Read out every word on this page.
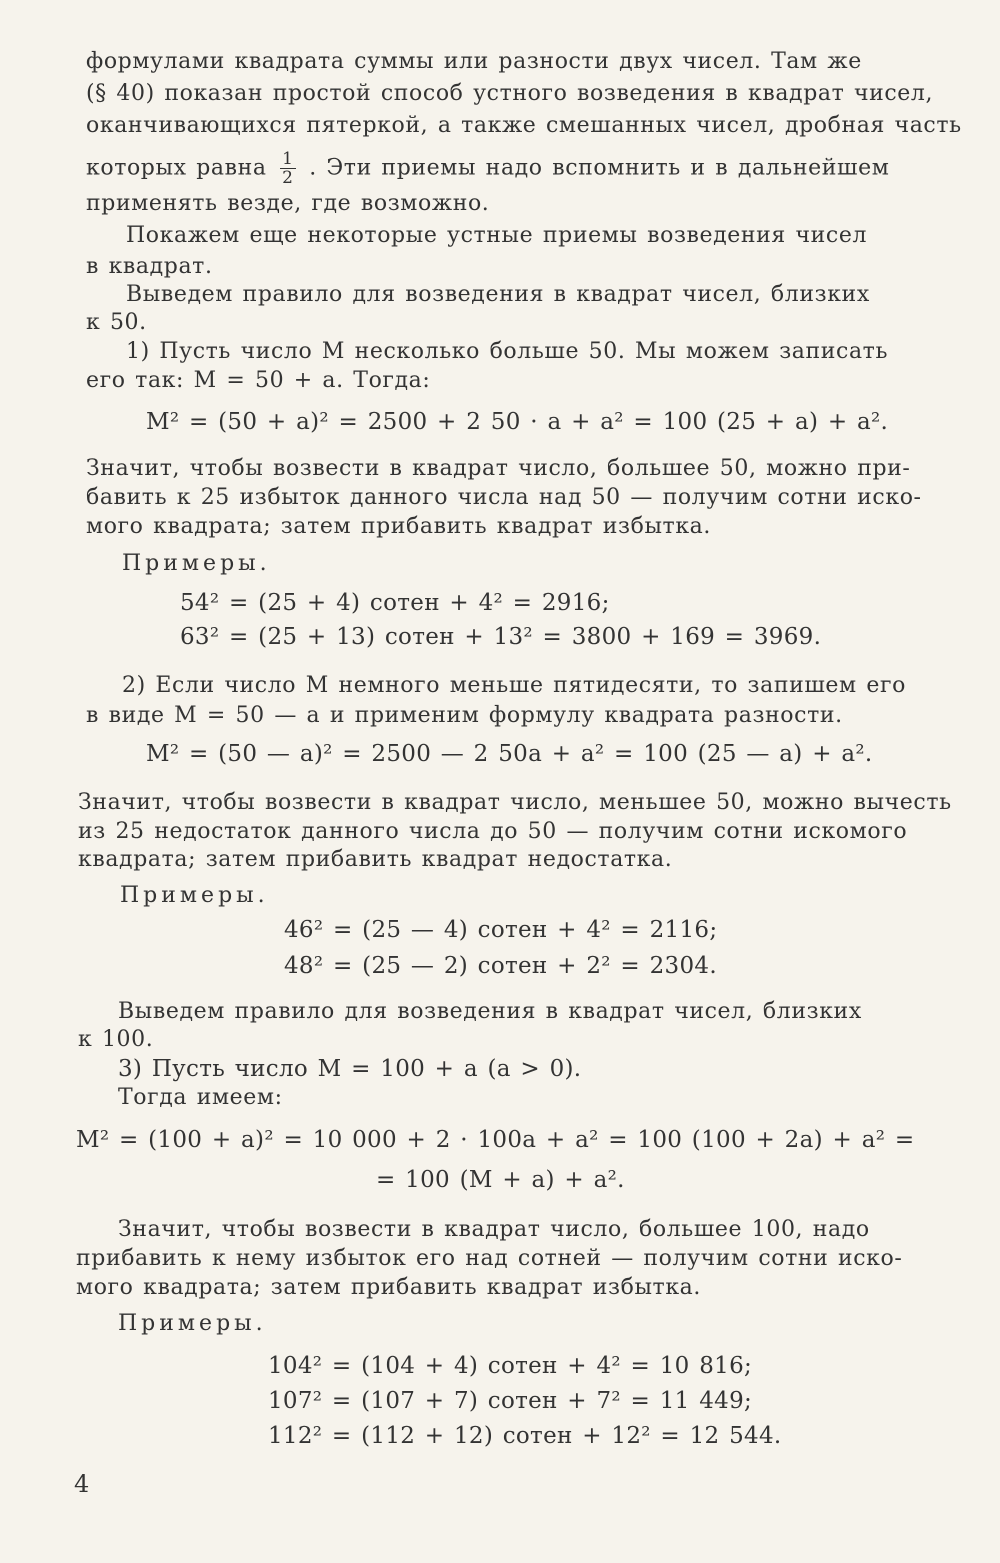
формулами квадрата суммы или разности двух чисел. Там же
(§ 40) показан простой способ устного возведения в квадрат чисел,
оканчивающихся пятеркой, а также смешанных чисел, дробная часть
которых равна $\frac{1}{2}$ . Эти приемы надо вспомнить и в дальнейшем
применять везде, где возможно.
Покажем еще некоторые устные приемы возведения чисел
в квадрат.
Выведем правило для возведения в квадрат чисел, близких
к 50.
1) Пусть число M несколько больше 50. Мы можем записать
его так: M = 50 + a. Тогда:
M² = (50 + a)² = 2500 + 2 50 · a + a² = 100 (25 + a) + a².
Значит, чтобы возвести в квадрат число, большее 50, можно при-
бавить к 25 избыток данного числа над 50 — получим сотни иско-
мого квадрата; затем прибавить квадрат избытка.
Примеры.
54² = (25 + 4) сотен + 4² = 2916;
63² = (25 + 13) сотен + 13² = 3800 + 169 = 3969.
2) Если число M немного меньше пятидесяти, то запишем его
в виде M = 50 — a и применим формулу квадрата разности.
M² = (50 — a)² = 2500 — 2 50a + a² = 100 (25 — a) + a².
Значит, чтобы возвести в квадрат число, меньшее 50, можно вычесть
из 25 недостаток данного числа до 50 — получим сотни искомого
квадрата; затем прибавить квадрат недостатка.
Примеры.
46² = (25 — 4) сотен + 4² = 2116;
48² = (25 — 2) сотен + 2² = 2304.
Выведем правило для возведения в квадрат чисел, близких
к 100.
3) Пусть число M = 100 + a (a > 0).
Тогда имеем:
M² = (100 + a)² = 10 000 + 2 · 100a + a² = 100 (100 + 2a) + a² =
= 100 (M + a) + a².
Значит, чтобы возвести в квадрат число, большее 100, надо
прибавить к нему избыток его над сотней — получим сотни иско-
мого квадрата; затем прибавить квадрат избытка.
Примеры.
104² = (104 + 4) сотен + 4² = 10 816;
107² = (107 + 7) сотен + 7² = 11 449;
112² = (112 + 12) сотен + 12² = 12 544.
4
